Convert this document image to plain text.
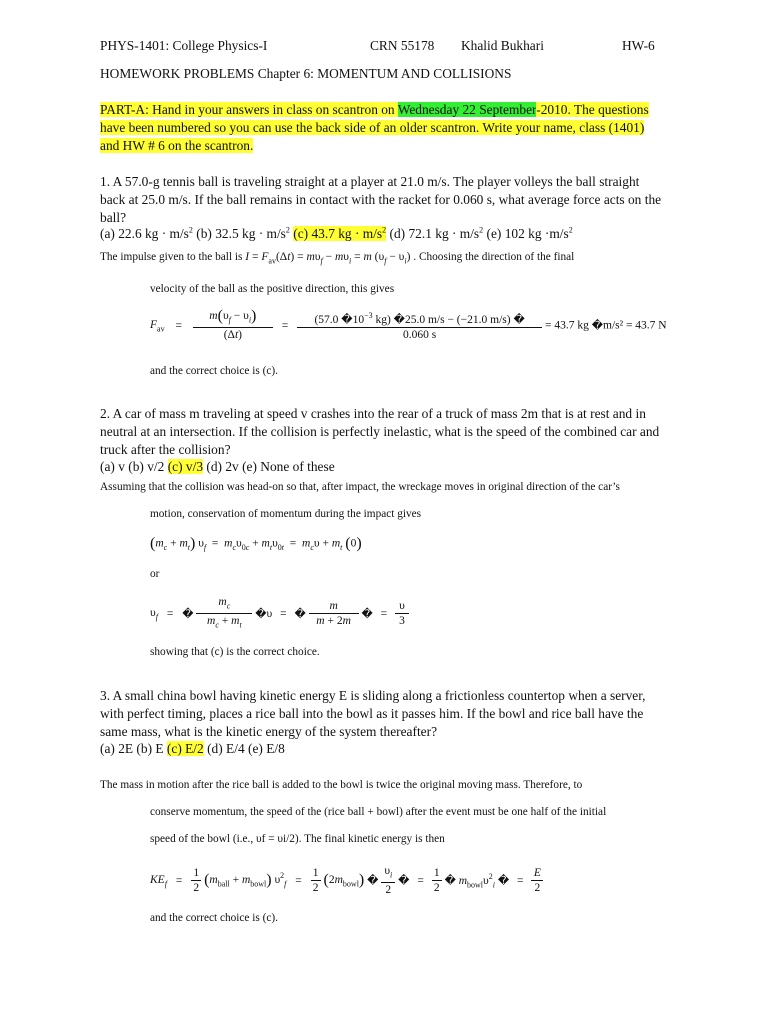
PHYS-1401: College Physics-I	CRN 55178 Khalid Bukhari	HW-6
HOMEWORK PROBLEMS Chapter 6: MOMENTUM AND COLLISIONS
PART-A: Hand in your answers in class on scantron on Wednesday 22 September-2010. The questions have been numbered so you can use the back side of an older scantron. Write your name, class (1401) and HW # 6 on the scantron.
1. A 57.0-g tennis ball is traveling straight at a player at 21.0 m/s. The player volleys the ball straight back at 25.0 m/s. If the ball remains in contact with the racket for 0.060 s, what average force acts on the ball?
(a) 22.6 kg · $m/s^2$ (b) 32.5 kg · $m/s^2$ (c) 43.7 kg · $m/s^2$ (d) 72.1 kg · $m/s^2$ (e) 102 kg $\cdot m/s^2$
The impulse given to the ball is $I = F_{av}(\Delta t) = m\upsilon_f - m\upsilon_i = m$ $(\upsilon_f - \upsilon_i)$ . Choosing the direction of the final
velocity of the ball as the positive direction, this gives
$F_{av} = \frac{m(\upsilon_f - \upsilon_i)}{(\Delta t)} = \frac{(57.0 �10^{-3} kg) �25.0 m/s - (-21.0 m/s) �}{0.060 s} = 43.7$ kg �m/s² = 43.7 N
and the correct choice is (c).
2. A car of mass m traveling at speed v crashes into the rear of a truck of mass 2m that is at rest and in neutral at an intersection. If the collision is perfectly inelastic, what is the speed of the combined car and truck after the collision?
(a) v (b) v/2 (c) v/3 (d) 2v (e) None of these
Assuming that the collision was head-on so that, after impact, the wreckage moves in original direction of the car’s
motion, conservation of momentum during the impact gives
$(m_c + m_t) \upsilon_f = m_c\upsilon_{0c} + m_t\upsilon_{0t} = m_c\upsilon + m_t$ (0)
or
$\upsilon_f$ = � $\frac{m_c}{m_c + m_t}$ �υ = � $\frac{m}{m + 2m}$ � = $\frac{\upsilon}{3}$
showing that (c) is the correct choice.
3. A small china bowl having kinetic energy E is sliding along a frictionless countertop when a server, with perfect timing, places a rice ball into the bowl as it passes him. If the bowl and rice ball have the same mass, what is the kinetic energy of the system thereafter?
(a) 2E (b) E (c) E/2 (d) E/4 (e) E/8
The mass in motion after the rice ball is added to the bowl is twice the original moving mass. Therefore, to
conserve momentum, the speed of the (rice ball + bowl) after the event must be one half of the initial
speed of the bowl (i.e., υf = υi/2). The final kinetic energy is then
$KE_f = \frac{1}{2} (m_{ball} + m_{bowl}) \upsilon^2_f = \frac{1}{2} (2m_{bowl})$ � $\frac{\upsilon_i}{2}$ � = $\frac{1}{2}$ � $m_{bowl}\upsilon^2_i$ � = $\frac{E}{2}$
and the correct choice is (c).
